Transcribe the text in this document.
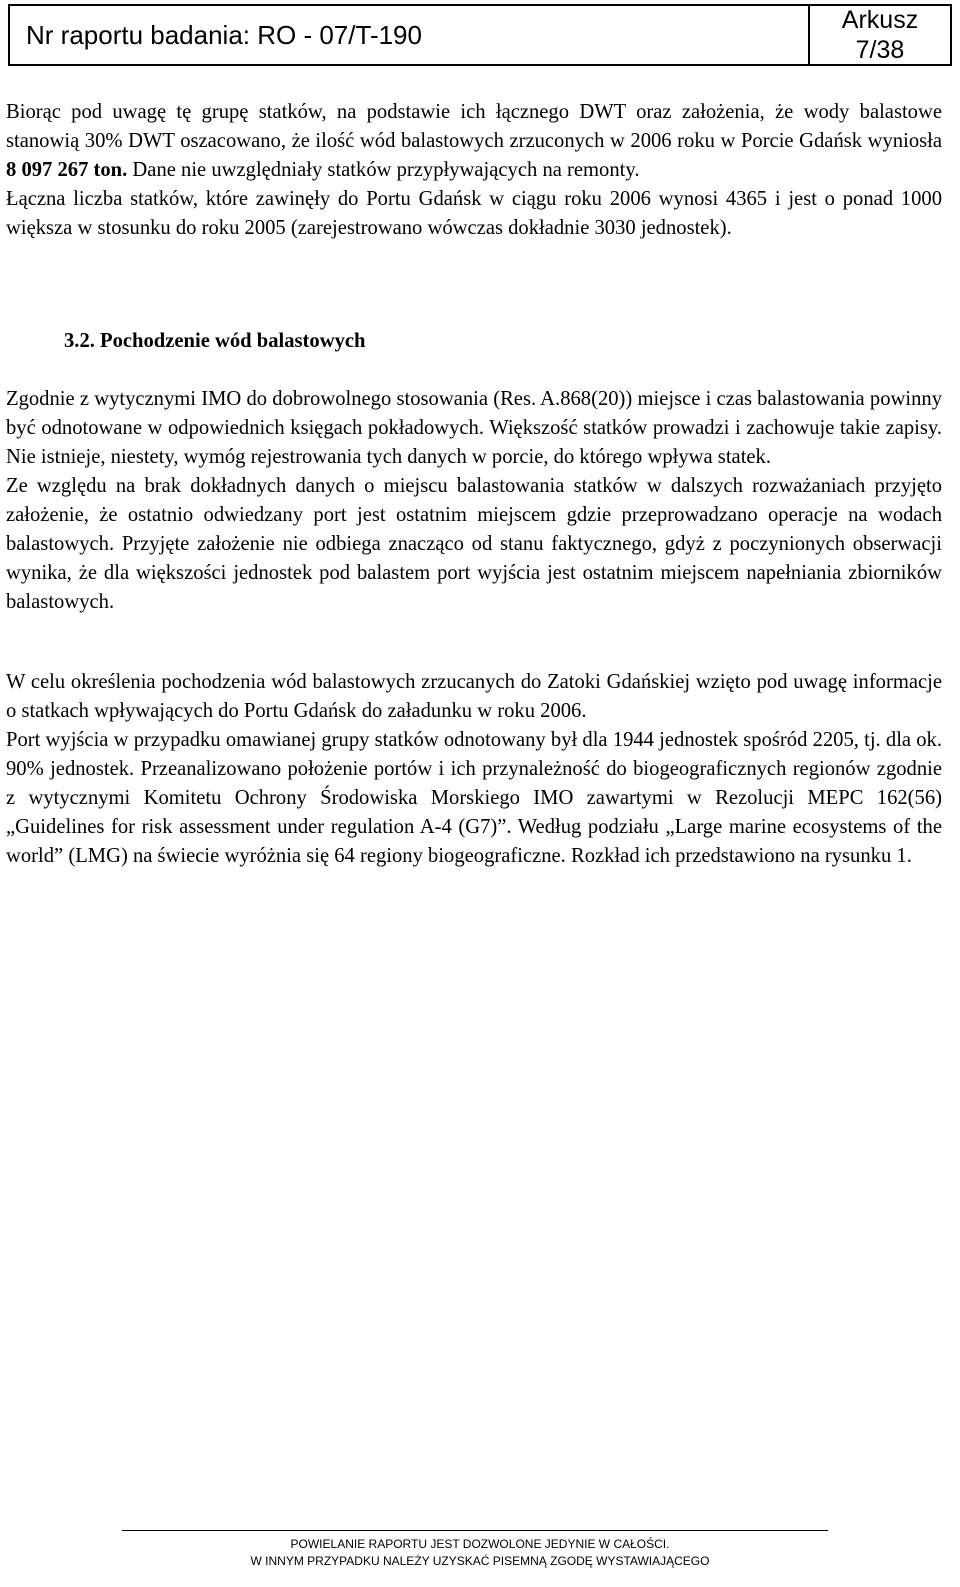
Nr raportu badania: RO - 07/T-190	Arkusz
7/38

Biorąc pod uwagę tę grupę statków, na podstawie ich łącznego DWT oraz założenia, że wody balastowe stanowią 30% DWT oszacowano, że ilość wód balastowych zrzuconych w 2006 roku w Porcie Gdańsk wyniosła 8 097 267 ton. Dane nie uwzględniały statków przypływających na remonty.

Łączna liczba statków, które zawinęły do Portu Gdańsk w ciągu roku 2006 wynosi 4365 i jest o ponad 1000 większa w stosunku do roku 2005 (zarejestrowano wówczas dokładnie 3030 jednostek).

3.2. Pochodzenie wód balastowych

Zgodnie z wytycznymi IMO do dobrowolnego stosowania (Res. A.868(20)) miejsce i czas balastowania powinny być odnotowane w odpowiednich księgach pokładowych. Większość statków prowadzi i zachowuje takie zapisy. Nie istnieje, niestety, wymóg rejestrowania tych danych w porcie, do którego wpływa statek.

Ze względu na brak dokładnych danych o miejscu balastowania statków w dalszych rozważaniach przyjęto założenie, że ostatnio odwiedzany port jest ostatnim miejscem gdzie przeprowadzano operacje na wodach balastowych. Przyjęte założenie nie odbiega znacząco od stanu faktycznego, gdyż z poczynionych obserwacji wynika, że dla większości jednostek pod balastem port wyjścia jest ostatnim miejscem napełniania zbiorników balastowych.

W celu określenia pochodzenia wód balastowych zrzucanych do Zatoki Gdańskiej wzięto pod uwagę informacje o statkach wpływających do Portu Gdańsk do załadunku w roku 2006.

Port wyjścia w przypadku omawianej grupy statków odnotowany był dla 1944 jednostek spośród 2205, tj. dla ok. 90% jednostek. Przeanalizowano położenie portów i ich przynależność do biogeograficznych regionów zgodnie z wytycznymi Komitetu Ochrony Środowiska Morskiego IMO zawartymi w Rezolucji MEPC 162(56) „Guidelines for risk assessment under regulation A-4 (G7)”. Według podziału „Large marine ecosystems of the world” (LMG) na świecie wyróżnia się 64 regiony biogeograficzne. Rozkład ich przedstawiono na rysunku 1.

POWIELANIE RAPORTU JEST DOZWOLONE JEDYNIE W CAŁOŚCI.
W INNYM PRZYPADKU NALEŻY UZYSKAĆ PISEMNĄ ZGODĘ WYSTAWIAJĄCEGO
